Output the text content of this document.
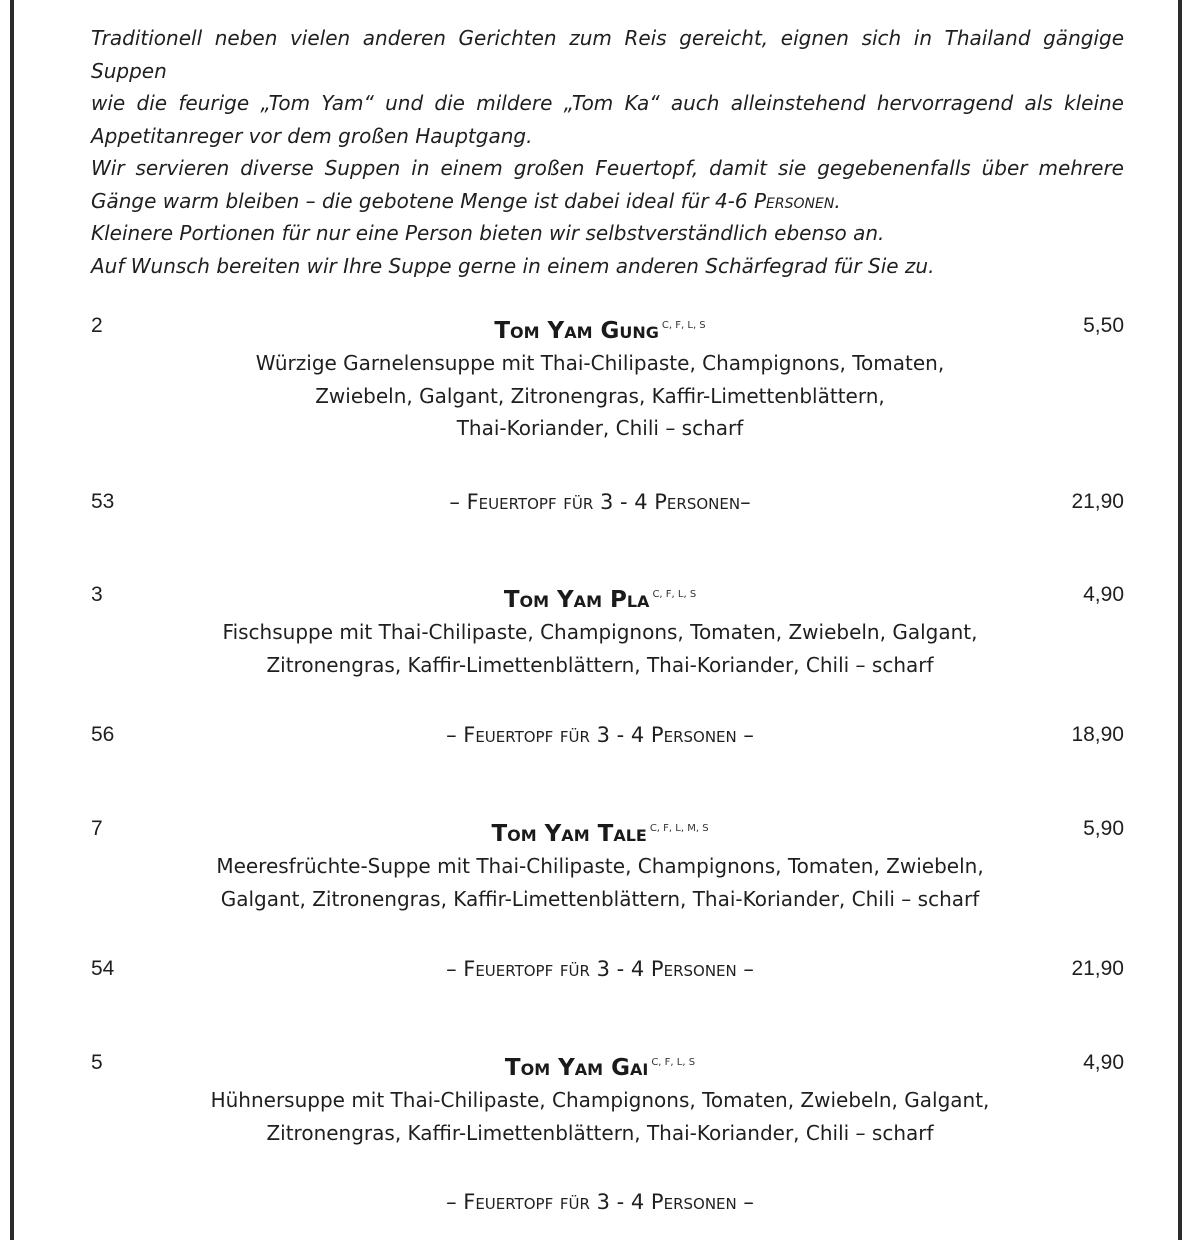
Traditionell neben vielen anderen Gerichten zum Reis gereicht, eignen sich in Thailand gängige Suppen
wie die feurige „Tom Yam“ und die mildere „Tom Ka“ auch alleinstehend hervorragend als kleine
Appetitanreger vor dem großen Hauptgang.
Wir servieren diverse Suppen in einem großen Feuertopf, damit sie gegebenenfalls über mehrere
Gänge warm bleiben – die gebotene Menge ist dabei ideal für 4-6 Personen.
Kleinere Portionen für nur eine Person bieten wir selbstverständlich ebenso an.
Auf Wunsch bereiten wir Ihre Suppe gerne in einem anderen Schärfegrad für Sie zu.
2	Tom Yam Gung $^{C, F, L, S}$	5,50
Würzige Garnelensuppe mit Thai-Chilipaste, Champignons, Tomaten,
Zwiebeln, Galgant, Zitronengras, Kaffir-Limettenblättern,
Thai-Koriander, Chili – scharf
53	– Feuertopf für 3 - 4 Personen–	21,90
3	Tom Yam Pla $^{C, F, L, S}$	4,90
Fischsuppe mit Thai-Chilipaste, Champignons, Tomaten, Zwiebeln, Galgant,
Zitronengras, Kaffir-Limettenblättern, Thai-Koriander, Chili – scharf
56	– Feuertopf für 3 - 4 Personen –	18,90
7	Tom Yam Tale $^{C, F, L, M, S}$	5,90
Meeresfrüchte-Suppe mit Thai-Chilipaste, Champignons, Tomaten, Zwiebeln,
Galgant, Zitronengras, Kaffir-Limettenblättern, Thai-Koriander, Chili – scharf
54	– Feuertopf für 3 - 4 Personen –	21,90
5	Tom Yam Gai $^{C, F, L, S}$	4,90
Hühnersuppe mit Thai-Chilipaste, Champignons, Tomaten, Zwiebeln, Galgant,
Zitronengras, Kaffir-Limettenblättern, Thai-Koriander, Chili – scharf
– Feuertopf für 3 - 4 Personen –
